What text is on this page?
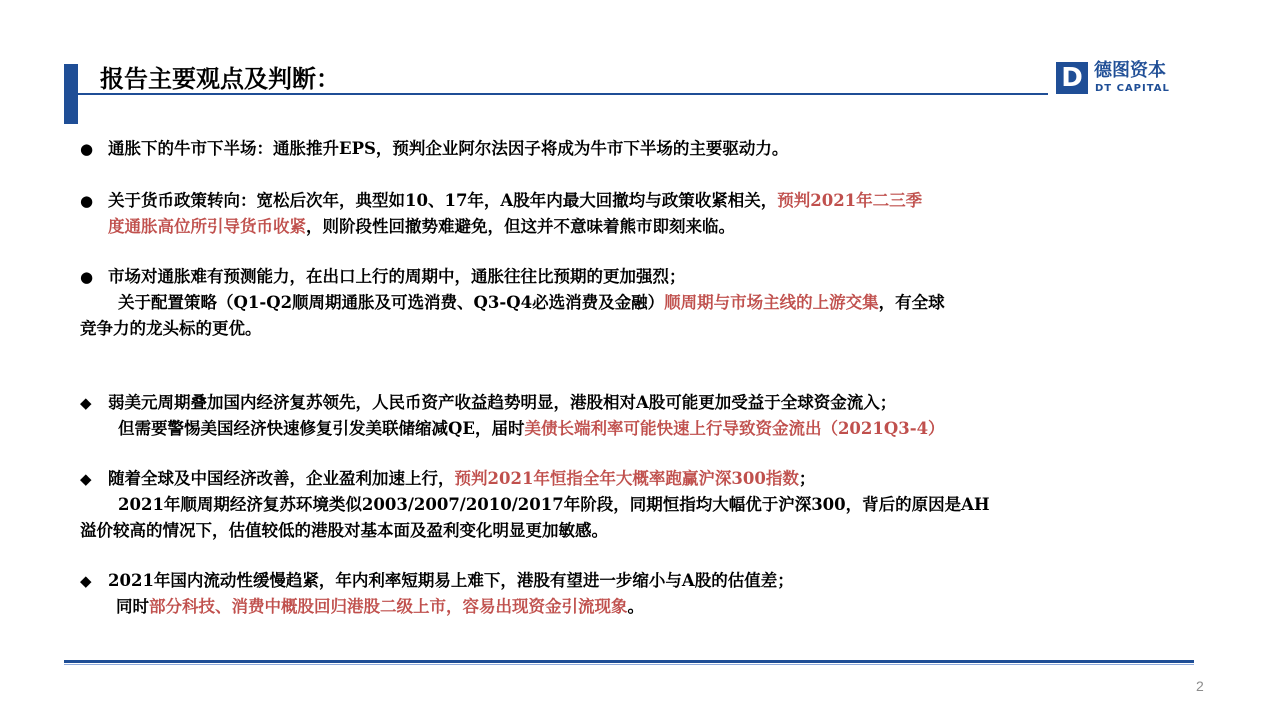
报告主要观点及判断：	D 德图资本
DT CAPITAL
● 通胀下的牛市下半场：通胀推升EPS，预判企业阿尔法因子将成为牛市下半场的主要驱动力。
● 关于货币政策转向：宽松后次年，典型如10、17年，A股年内最大回撤均与政策收紧相关，预判2021年二三季
度通胀高位所引导货币收紧，则阶段性回撤势难避免，但这并不意味着熊市即刻来临。
● 市场对通胀难有预测能力，在出口上行的周期中，通胀往往比预期的更加强烈；
关于配置策略（Q1-Q2顺周期通胀及可选消费、Q3-Q4必选消费及金融）顺周期与市场主线的上游交集，有全球
竞争力的龙头标的更优。
◆ 弱美元周期叠加国内经济复苏领先，人民币资产收益趋势明显，港股相对A股可能更加受益于全球资金流入；
但需要警惕美国经济快速修复引发美联储缩减QE，届时美债长端利率可能快速上行导致资金流出（2021Q3-4）
◆ 随着全球及中国经济改善，企业盈利加速上行，预判2021年恒指全年大概率跑赢沪深300指数；
2021年顺周期经济复苏环境类似2003/2007/2010/2017年阶段，同期恒指均大幅优于沪深300，背后的原因是AH
溢价较高的情况下，估值较低的港股对基本面及盈利变化明显更加敏感。
◆ 2021年国内流动性缓慢趋紧，年内利率短期易上难下，港股有望进一步缩小与A股的估值差；
同时部分科技、消费中概股回归港股二级上市，容易出现资金引流现象。
2
